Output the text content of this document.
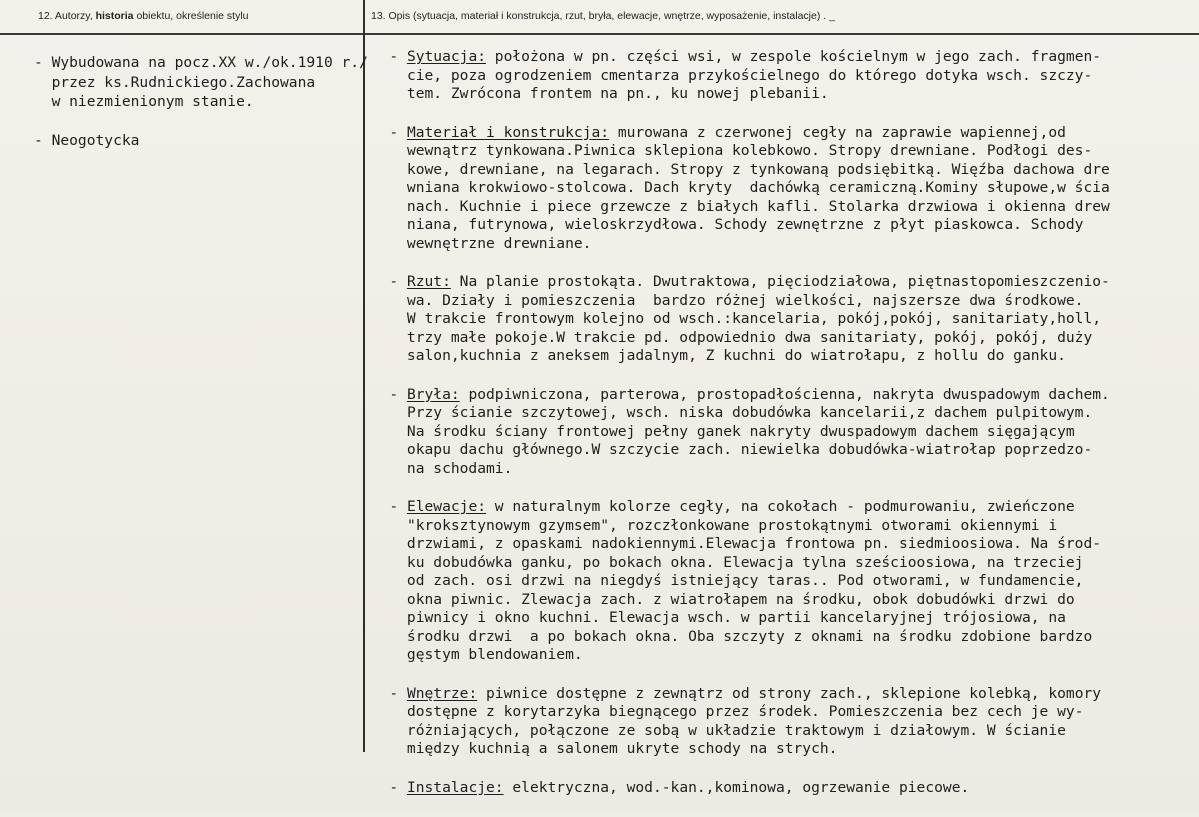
12. Autorzy, historia obiektu, określenie stylu	13. Opis (sytuacja, materiał i konstrukcja, rzut, bryła, elewacje, wnętrze, wyposażenie, instalacje) . _

- Wybudowana na pocz.XX w./ok.1910 r./
przez ks.Rudnickiego.Zachowana
w niezmienionym stanie.

- Neogotycka

- Sytuacja: położona w pn. części wsi, w zespole kościelnym w jego zach. fragmen-
cie, poza ogrodzeniem cmentarza przykościelnego do którego dotyka wsch. szczy-
tem. Zwrócona frontem na pn., ku nowej plebanii.

- Materiał i konstrukcja: murowana z czerwonej cegły na zaprawie wapiennej,od
wewnątrz tynkowana.Piwnica sklepiona kolebkowo. Stropy drewniane. Podłogi des-
kowe, drewniane, na legarach. Stropy z tynkowaną podsiębitką. Więźba dachowa dre
wniana krokwiowo-stolcowa. Dach kryty  dachówką ceramiczną.Kominy słupowe,w ścia
nach. Kuchnie i piece grzewcze z białych kafli. Stolarka drzwiowa i okienna drew
niana, futrynowa, wieloskrzydłowa. Schody zewnętrzne z płyt piaskowca. Schody
wewnętrzne drewniane.

- Rzut: Na planie prostokąta. Dwutraktowa, pięciodziałowa, piętnastopomieszczenio-
wa. Działy i pomieszczenia  bardzo różnej wielkości, najszersze dwa środkowe.
W trakcie frontowym kolejno od wsch.:kancelaria, pokój,pokój, sanitariaty,holl,
trzy małe pokoje.W trakcie pd. odpowiednio dwa sanitariaty, pokój, pokój, duży
salon,kuchnia z aneksem jadalnym, Z kuchni do wiatrołapu, z hollu do ganku.

- Bryła: podpiwniczona, parterowa, prostopadłościenna, nakryta dwuspadowym dachem.
Przy ścianie szczytowej, wsch. niska dobudówka kancelarii,z dachem pulpitowym.
Na środku ściany frontowej pełny ganek nakryty dwuspadowym dachem sięgającym
okapu dachu głównego.W szczycie zach. niewielka dobudówka-wiatrołap poprzedzo-
na schodami.

- Elewacje: w naturalnym kolorze cegły, na cokołach - podmurowaniu, zwieńczone
"kroksztynowym gzymsem", rozczłonkowane prostokątnymi otworami okiennymi i
drzwiami, z opaskami nadokiennymi.Elewacja frontowa pn. siedmioosiowa. Na środ-
ku dobudówka ganku, po bokach okna. Elewacja tylna sześcioosiowa, na trzeciej
od zach. osi drzwi na niegdyś istniejący taras.. Pod otworami, w fundamencie,
okna piwnic. Zlewacja zach. z wiatrołapem na środku, obok dobudówki drzwi do
piwnicy i okno kuchni. Elewacja wsch. w partii kancelaryjnej trójosiowa, na
środku drzwi  a po bokach okna. Oba szczyty z oknami na środku zdobione bardzo
gęstym blendowaniem.

- Wnętrze: piwnice dostępne z zewnątrz od strony zach., sklepione kolebką, komory
dostępne z korytarzyka biegnącego przez środek. Pomieszczenia bez cech je wy-
różniających, połączone ze sobą w układzie traktowym i działowym. W ścianie
między kuchnią a salonem ukryte schody na strych.

- Instalacje: elektryczna, wod.-kan.,kominowa, ogrzewanie piecowe.
